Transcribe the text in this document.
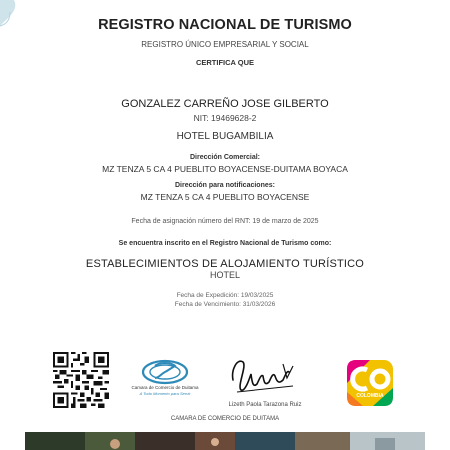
REGISTRO NACIONAL DE TURISMO
REGISTRO ÚNICO EMPRESARIAL Y SOCIAL
CERTIFICA QUE
GONZALEZ CARREÑO JOSE GILBERTO
NIT: 19469628-2
HOTEL BUGAMBILIA
Dirección Comercial:
MZ TENZA 5 CA 4 PUEBLITO BOYACENSE-DUITAMA BOYACA
Dirección para notificaciones:
MZ TENZA 5 CA 4 PUEBLITO BOYACENSE
Fecha de asignación número del RNT: 19 de marzo de 2025
Se encuentra inscrito en el Registro Nacional de Turismo como:
ESTABLECIMIENTOS DE ALOJAMIENTO TURÍSTICO
HOTEL
Fecha de Expedición: 19/03/2025
Fecha de Vencimiento: 31/03/2026
Camara de Comercio de Duitama
A Todo Momento para Servir
Lizeth Paola Tarazona Ruiz
COLOMBIA
CAMARA DE COMERCIO DE DUITAMA
